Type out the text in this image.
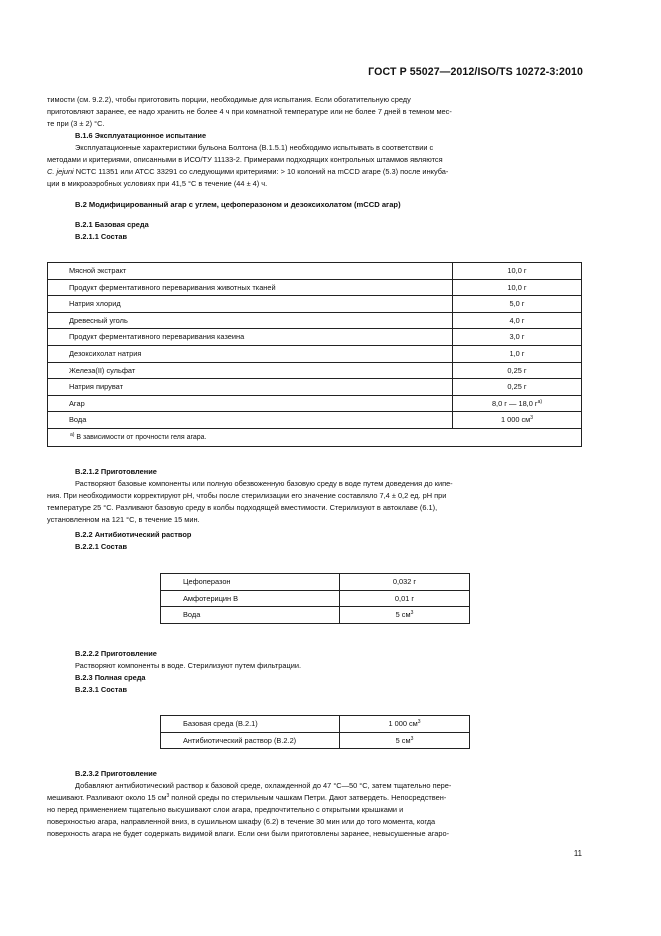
ГОСТ Р 55027—2012/ISO/TS 10272-3:2010

тимости (см. 9.2.2), чтобы приготовить порции, необходимые для испытания. Если обогатительную среду

приготовляют заранее, ее надо хранить не более 4 ч при комнатной температуре или не более 7 дней в темном мес-

те при (3 ± 2) °С.

В.1.6 Эксплуатационное испытание

Эксплуатационные характеристики бульона Болтона (В.1.5.1) необходимо испытывать в соответствии с

методами и критериями, описанными в ИСО/ТУ 11133-2. Примерами подходящих контрольных штаммов являются

C. jejuni NCTC 11351 или ATCC 33291 со следующими критериями: > 10 колоний на mCCD агаре (5.3) после инкуба-

ции в микроаэробных условиях при 41,5 °С в течение (44 ± 4) ч.

В.2 Модифицированный агар с углем, цефоперазоном и дезоксихолатом (mCCD агар)
В.2.1 Базовая среда
В.2.1.1 Состав
Мясной экстракт	10,0 г
Продукт ферментативного переваривания животных тканей	10,0 г
Натрия хлорид	5,0 г
Древесный уголь	4,0 г
Продукт ферментативного переваривания казеина	3,0 г
Дезоксихолат натрия	1,0 г
Железа(II) сульфат	0,25 г
Натрия пируват	0,25 г
Агар	8,0 г — 18,0 $г^{a)}$
Вода	1 000 $см^3$
$^{a)}$ В зависимости от прочности геля агара.	
В.2.1.2 Приготовление

Растворяют базовые компоненты или полную обезвоженную базовую среду в воде путем доведения до кипе-

ния. При необходимости корректируют pH, чтобы после стерилизации его значение составляло 7,4 ± 0,2 ед. pH при

температуре 25 °С. Разливают базовую среду в колбы подходящей вместимости. Стерилизуют в автоклаве (6.1),

установленном на 121 °С, в течение 15 мин.

В.2.2 Антибиотический раствор
В.2.2.1 Состав
Цефоперазон	0,032 г
Амфотерицин В	0,01 г
Вода	5 $см^3$
В.2.2.2 Приготовление

Растворяют компоненты в воде. Стерилизуют путем фильтрации.

В.2.3 Полная среда
В.2.3.1 Состав
Базовая среда (В.2.1)	1 000 $см^3$
Антибиотический раствор (В.2.2)	5 $см^3$
В.2.3.2 Приготовление

Добавляют антибиотический раствор к базовой среде, охлажденной до 47 °С—50 °С, затем тщательно пере-

мешивают. Разливают около 15 $см^3$ полной среды по стерильным чашкам Петри. Дают затвердеть. Непосредствен-

но перед применением тщательно высушивают слои агара, предпочтительно с открытыми крышками и

поверхностью агара, направленной вниз, в сушильном шкафу (6.2) в течение 30 мин или до того момента, когда

поверхность агара не будет содержать видимой влаги. Если они были приготовлены заранее, невысушенные агаро-

11
